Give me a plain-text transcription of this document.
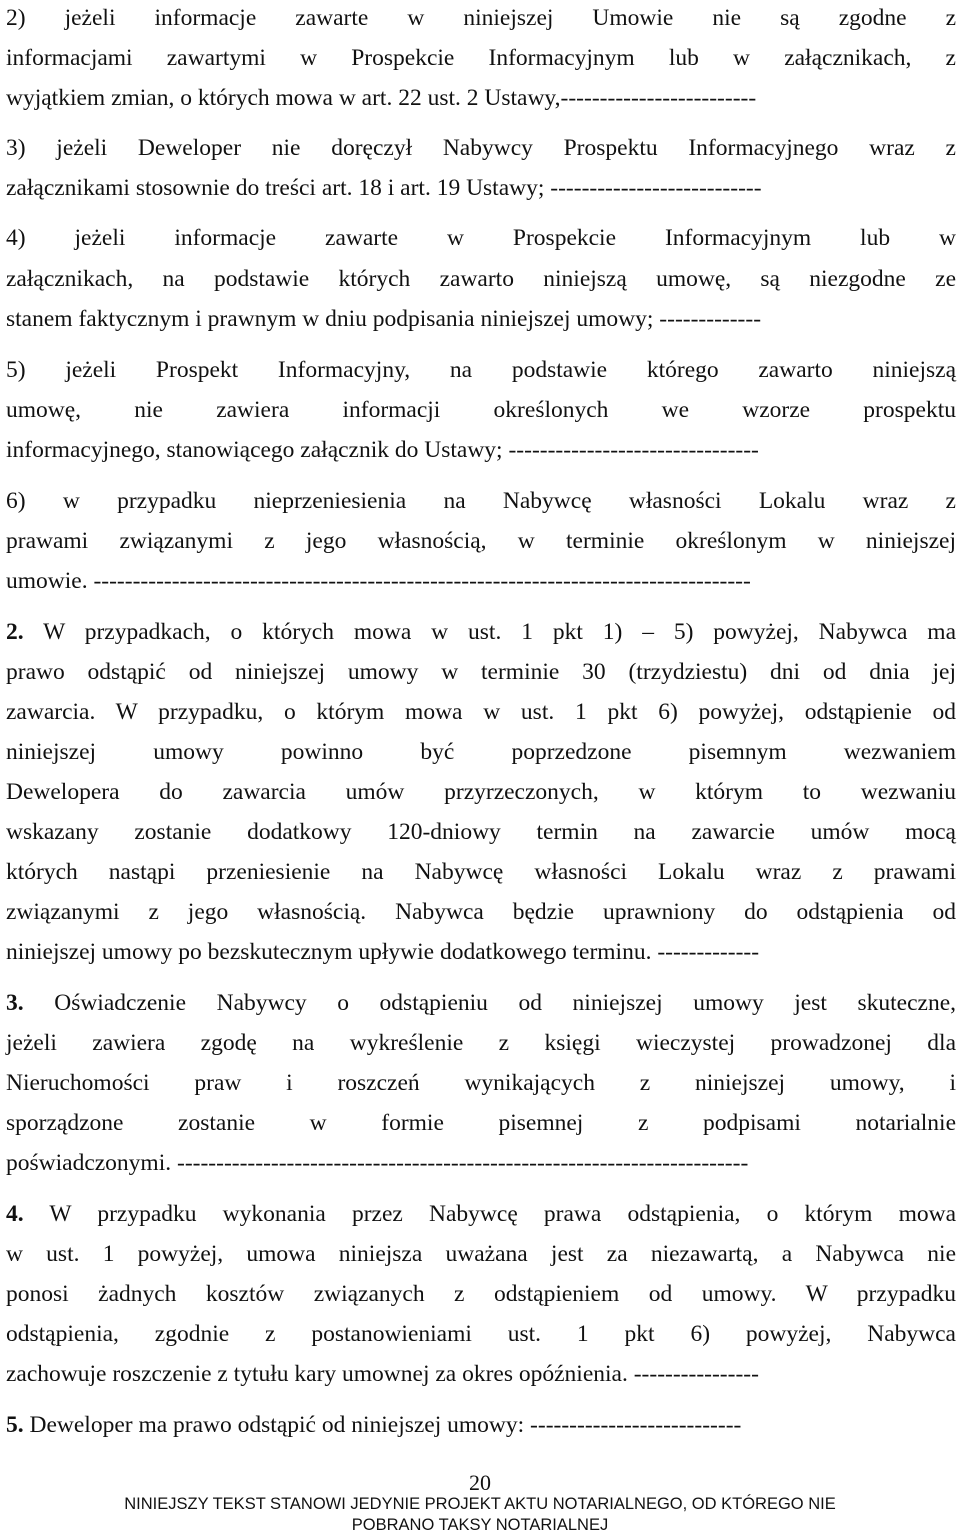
2) jeżeli informacje zawarte w niniejszej Umowie nie są zgodne z

informacjami zawartymi w Prospekcie Informacyjnym lub w załącznikach, z

wyjątkiem zmian, o których mowa w art. 22 ust. 2 Ustawy,-------------------------

3) jeżeli Deweloper nie doręczył Nabywcy Prospektu Informacyjnego wraz z

załącznikami stosownie do treści art. 18 i art. 19 Ustawy; ---------------------------

4) jeżeli informacje zawarte w Prospekcie Informacyjnym lub w

załącznikach, na podstawie których zawarto niniejszą umowę, są niezgodne ze

stanem faktycznym i prawnym w dniu podpisania niniejszej umowy; -------------

5) jeżeli Prospekt Informacyjny, na podstawie którego zawarto niniejszą

umowę, nie zawiera informacji określonych we wzorze prospektu

informacyjnego, stanowiącego załącznik do Ustawy; --------------------------------

6) w przypadku nieprzeniesienia na Nabywcę własności Lokalu wraz z

prawami związanymi z jego własnością, w terminie określonym w niniejszej

umowie. ------------------------------------------------------------------------------------

2. W przypadkach, o których mowa w ust. 1 pkt 1) – 5) powyżej, Nabywca ma

prawo odstąpić od niniejszej umowy w terminie 30 (trzydziestu) dni od dnia jej

zawarcia. W przypadku, o którym mowa w ust. 1 pkt 6) powyżej, odstąpienie od

niniejszej umowy powinno być poprzedzone pisemnym wezwaniem

Dewelopera do zawarcia umów przyrzeczonych, w którym to wezwaniu

wskazany zostanie dodatkowy 120-dniowy termin na zawarcie umów mocą

których nastąpi przeniesienie na Nabywcę własności Lokalu wraz z prawami

związanymi z jego własnością. Nabywca będzie uprawniony do odstąpienia od

niniejszej umowy po bezskutecznym upływie dodatkowego terminu. -------------

3. Oświadczenie Nabywcy o odstąpieniu od niniejszej umowy jest skuteczne,

jeżeli zawiera zgodę na wykreślenie z księgi wieczystej prowadzonej dla

Nieruchomości praw i roszczeń wynikających z niniejszej umowy, i

sporządzone zostanie w formie pisemnej z podpisami notarialnie

poświadczonymi. -------------------------------------------------------------------------

4. W przypadku wykonania przez Nabywcę prawa odstąpienia, o którym mowa

w ust. 1 powyżej, umowa niniejsza uważana jest za niezawartą, a Nabywca nie

ponosi żadnych kosztów związanych z odstąpieniem od umowy. W przypadku

odstąpienia, zgodnie z postanowieniami ust. 1 pkt 6) powyżej, Nabywca

zachowuje roszczenie z tytułu kary umownej za okres opóźnienia. ----------------

5. Deweloper ma prawo odstąpić od niniejszej umowy: ---------------------------

20
NINIEJSZY TEKST STANOWI JEDYNIE PROJEKT AKTU NOTARIALNEGO, OD KTÓREGO NIE
POBRANO TAKSY NOTARIALNEJ
